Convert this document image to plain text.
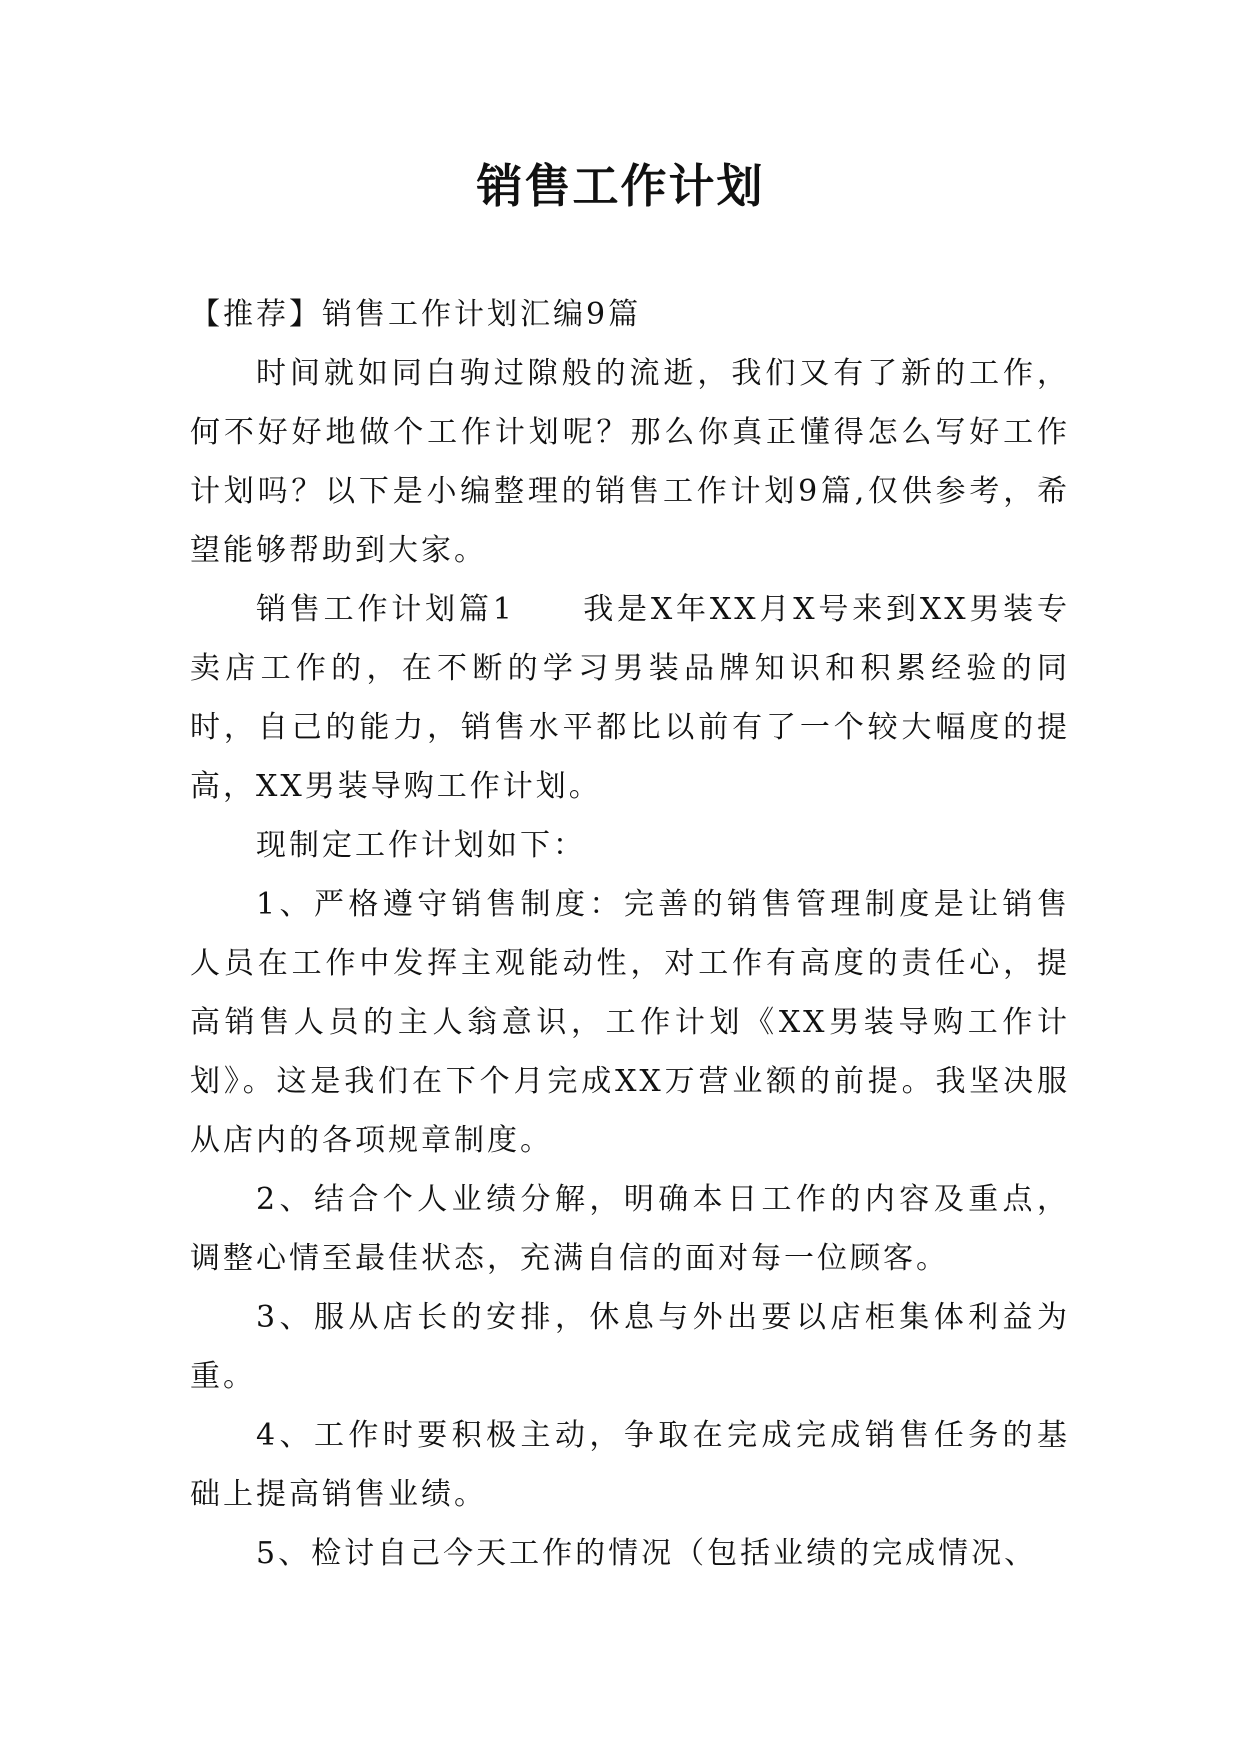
销售工作计划

【推荐】销售工作计划汇编9篇

时间就如同白驹过隙般的流逝，我们又有了新的工作，何不好好地做个工作计划呢？那么你真正懂得怎么写好工作计划吗？以下是小编整理的销售工作计划9篇,仅供参考，希望能够帮助到大家。

销售工作计划篇1　　我是X年XX月X号来到XX男装专卖店工作的，在不断的学习男装品牌知识和积累经验的同时，自己的能力，销售水平都比以前有了一个较大幅度的提高，XX男装导购工作计划。

现制定工作计划如下：

1、严格遵守销售制度：完善的销售管理制度是让销售人员在工作中发挥主观能动性，对工作有高度的责任心，提高销售人员的主人翁意识，工作计划《XX男装导购工作计划》。这是我们在下个月完成XX万营业额的前提。我坚决服从店内的各项规章制度。

2、结合个人业绩分解，明确本日工作的内容及重点，调整心情至最佳状态，充满自信的面对每一位顾客。

3、服从店长的安排，休息与外出要以店柜集体利益为重。

4、工作时要积极主动，争取在完成完成销售任务的基础上提高销售业绩。

5、检讨自己今天工作的情况（包括业绩的完成情况、
